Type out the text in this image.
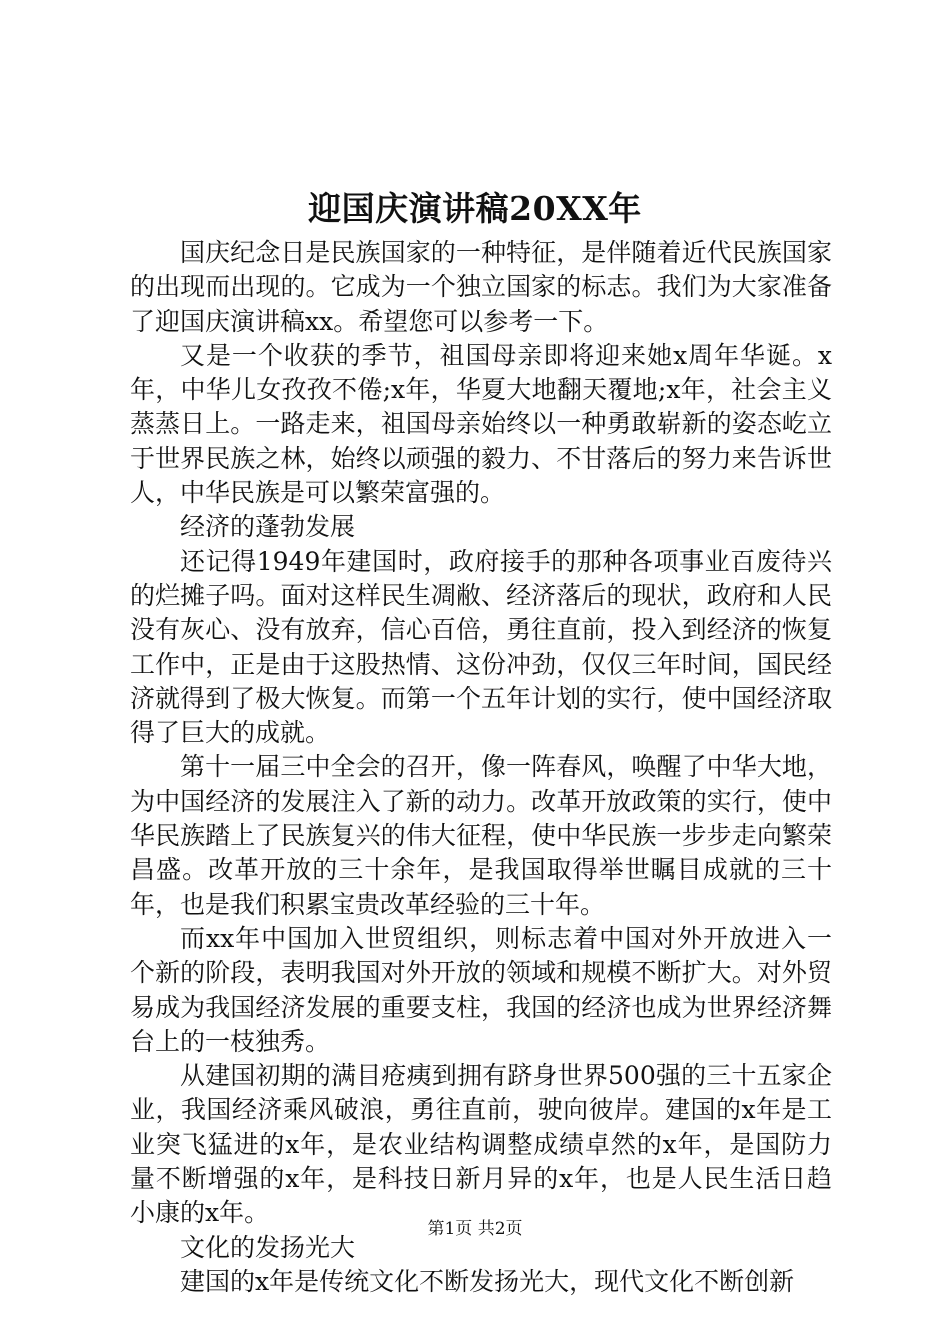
迎国庆演讲稿20XX年

国庆纪念日是民族国家的一种特征，是伴随着近代民族国家的出现而出现的。它成为一个独立国家的标志。我们为大家准备了迎国庆演讲稿xx。希望您可以参考一下。

又是一个收获的季节，祖国母亲即将迎来她x周年华诞。x年，中华儿女孜孜不倦;x年，华夏大地翻天覆地;x年，社会主义蒸蒸日上。一路走来，祖国母亲始终以一种勇敢崭新的姿态屹立于世界民族之林，始终以顽强的毅力、不甘落后的努力来告诉世人，中华民族是可以繁荣富强的。

经济的蓬勃发展

还记得1949年建国时，政府接手的那种各项事业百废待兴的烂摊子吗。面对这样民生凋敝、经济落后的现状，政府和人民没有灰心、没有放弃，信心百倍，勇往直前，投入到经济的恢复工作中，正是由于这股热情、这份冲劲，仅仅三年时间，国民经济就得到了极大恢复。而第一个五年计划的实行，使中国经济取得了巨大的成就。

第十一届三中全会的召开，像一阵春风，唤醒了中华大地，为中国经济的发展注入了新的动力。改革开放政策的实行，使中华民族踏上了民族复兴的伟大征程，使中华民族一步步走向繁荣昌盛。改革开放的三十余年，是我国取得举世瞩目成就的三十年，也是我们积累宝贵改革经验的三十年。

而xx年中国加入世贸组织，则标志着中国对外开放进入一个新的阶段，表明我国对外开放的领域和规模不断扩大。对外贸易成为我国经济发展的重要支柱，我国的经济也成为世界经济舞台上的一枝独秀。

从建国初期的满目疮痍到拥有跻身世界500强的三十五家企业，我国经济乘风破浪，勇往直前，驶向彼岸。建国的x年是工业突飞猛进的x年，是农业结构调整成绩卓然的x年，是国防力量不断增强的x年，是科技日新月异的x年，也是人民生活日趋小康的x年。

文化的发扬光大

建国的x年是传统文化不断发扬光大，现代文化不断创新

第1页 共2页
